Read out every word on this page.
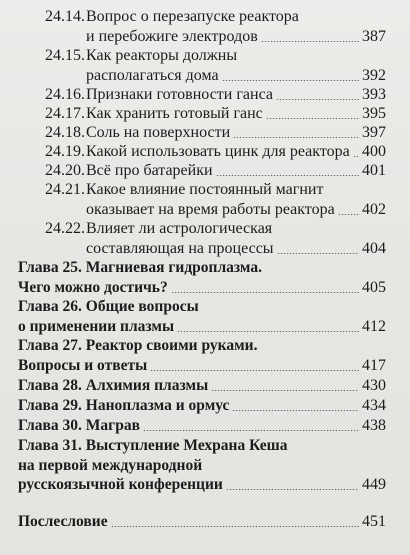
24.14. Вопрос о перезапуске реактора
и перебожиге электродов	387
24.15. Как реакторы должны
располагаться дома	392
24.16. Признаки готовности ганса	393
24.17. Как хранить готовый ганс	395
24.18. Соль на поверхности	397
24.19. Какой использовать цинк для реактора 400
24.20. Всё про батарейки	401
24.21. Какое влияние постоянный магнит
оказывает на время работы реактора 402
24.22. Влияет ли астрологическая
составляющая на процессы	404
Глава 25. Магниевая гидроплазма.
Чего можно достичь?	405
Глава 26. Общие вопросы
о применении плазмы	412
Глава 27. Реактор своими руками.
Вопросы и ответы	417
Глава 28. Алхимия плазмы	430
Глава 29. Наноплазма и ормус	434
Глава 30. Маграв	438
Глава 31. Выступление Мехрана Кеша
на первой международной
русскоязычной конференции	449
Послесловие	451
